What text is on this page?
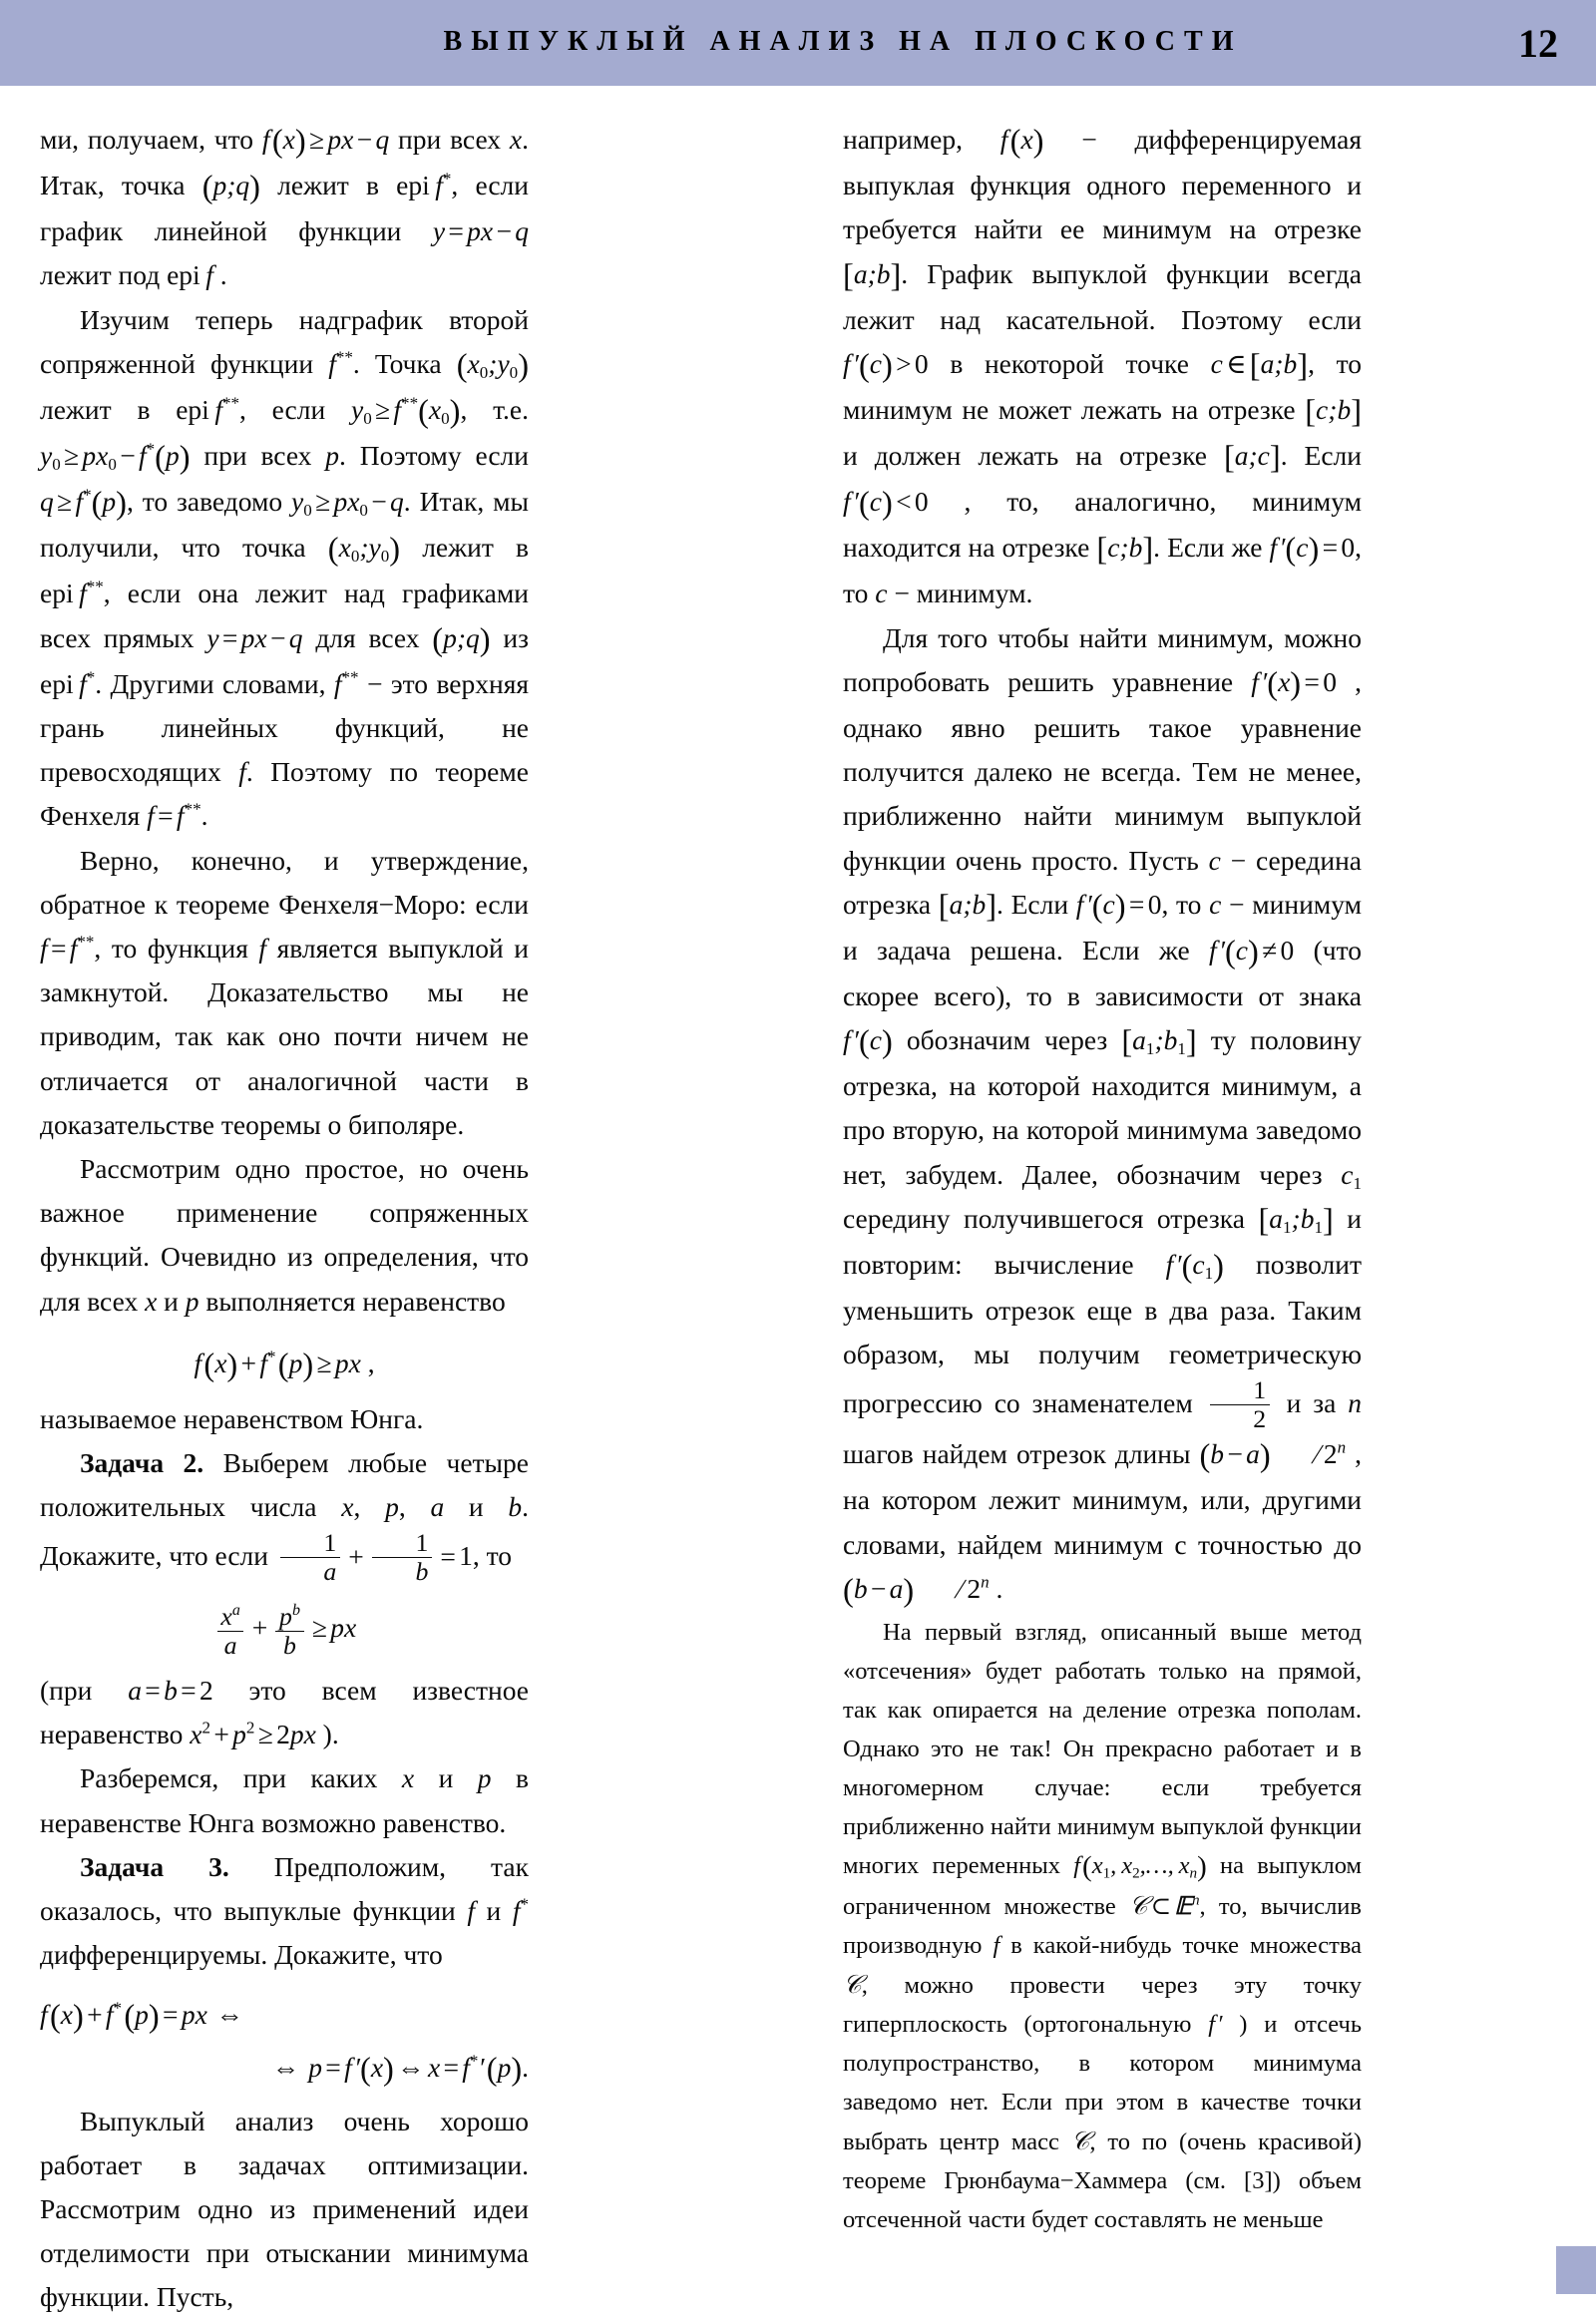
ВЫПУКЛЫЙ АНАЛИЗ НА ПЛОСКОСТИ	12

ми, получаем, что f (x) ≥ px − q при всех x. Итак, точка (p;q) лежит в epi f*, если график линейной функции y = px − q лежит под epi f .

Изучим теперь надграфик второй сопряженной функции f**. Точка $(x_0;y_0)$ лежит в epi  f**, если $y_0 \ge f^{**}(x_0)$, т.е. $y_0 \ge px_0 - f^*(p)$ при всех p. Поэтому если q ≥ f*(p), то заведомо $y_0 \ge px_0 - q$. Итак, мы получили, что точка $(x_0;y_0)$ лежит в epi  f**, если она лежит над графиками всех прямых y = px − q для всех (p;q) из epi  f*. Другими словами, f** − это верхняя грань линейных функций, не превосходящих f. Поэтому по теореме Фенхеля f = f**.

Верно, конечно, и утверждение, обратное к теореме Фенхеля−Моро: если f = f**, то функция f является выпуклой и замкнутой. Доказательство мы не приводим, так как оно почти ничем не отличается от аналогичной части в доказательстве теоремы о биполяре.

Рассмотрим одно простое, но очень важное применение сопряженных функций. Очевидно из определения, что для всех x и p выполняется неравенство

f (x) + f* (p) ≥ px ,

называемое неравенством Юнга.

Задача 2. Выберем любые четыре положительных числа x, p, a и b. Докажите, что если $\frac{1}{a} + \frac{1}{b} = 1$, то

$\frac{x^a}{a} + \frac{p^b}{b}$ ≥ px

(при a = b = 2 это всем известное неравенство $x^2 + p^2 \ge 2px$ ).

Разберемся, при каких x и p в неравенстве Юнга возможно равенство.

Задача 3. Предположим, так оказалось, что выпуклые функции f и f* дифференцируемы. Докажите, что

f (x) + f* (p) = px  ⇔
⇔  p = f ′(x) ⇔ x = f*′ (p).

Выпуклый анализ очень хорошо работает в задачах оптимизации. Рассмотрим одно из применений идеи отделимости при отыскании минимума функции. Пусть,

например, f (x) − дифференцируемая выпуклая функция одного переменного и требуется найти ее минимум на отрезке [a;b]. График выпуклой функции всегда лежит над касательной. Поэтому если f ′(c) > 0 в некоторой точке c ∈ [a;b], то минимум не может лежать на отрезке [c;b] и должен лежать на отрезке [a;c]. Если f ′(c) < 0 , то, аналогично, минимум находится на отрезке [c;b]. Если же f ′(c) = 0, то c − минимум.

Для того чтобы найти минимум, можно попробовать решить уравнение f ′(x) = 0 , однако явно решить такое уравнение получится далеко не всегда. Тем не менее, приближенно найти минимум выпуклой функции очень просто. Пусть c − середина отрезка [a;b]. Если f ′(c) = 0, то c − минимум и задача решена. Если же f ′(c) ≠ 0 (что скорее всего), то в зависимости от знака f ′(c) обозначим через $[a_1;b_1]$ ту половину отрезка, на которой находится минимум, а про вторую, на которой минимума заведомо нет, забудем. Далее, обозначим через $c_1$ середину получившегося отрезка $[a_1;b_1]$ и повторим: вычисление f $'(c_1)$ позволит уменьшить отрезок еще в два раза. Таким образом, мы получим геометрическую прогрессию со знаменателем $\frac{1}{2}$ и за n шагов найдем отрезок длины (b − a) /2$^n$ , на котором лежит минимум, или, другими словами, найдем минимум с точностью до (b − a) /2$^n$ .

На первый взгляд, описанный выше метод «отсечения» будет работать только на прямой, так как опирается на деление отрезка пополам. Однако это не так! Он прекрасно работает и в многомерном случае: если требуется приближенно найти минимум выпуклой функции многих переменных f ($x_1$, $x_2,\dots$, xn) на выпуклом ограниченном множестве 𝒞 ⊂ 𝔼$^n$, то, вычислив производную f в какой-нибудь точке множества 𝒞, можно провести через эту точку гиперплоскость (ортогональную f ′ ) и отсечь полупространство, в котором минимума заведомо нет. Если при этом в качестве точки выбрать центр масс 𝒞, то по (очень красивой) теореме Грюнбаума−Хаммера (см. [3]) объем отсеченной части будет составлять не меньше
